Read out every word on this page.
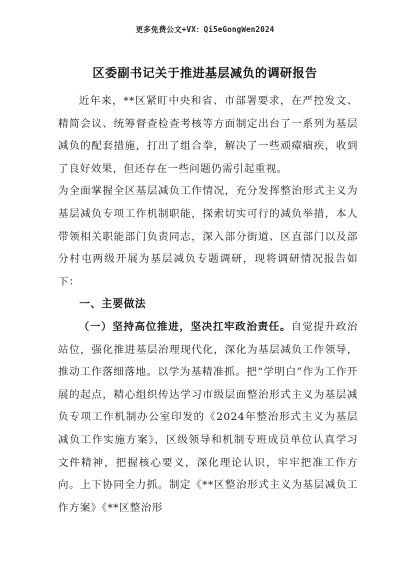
更多免费公文+VX：Qi5eGongWen2024
区委副书记关于推进基层减负的调研报告

近年来，**区紧盯中央和省、市部署要求，在严控发文、精简会议、统筹督查检查考核等方面制定出台了一系列为基层减负的配套措施，打出了组合拳，解决了一些顽瘴痼疾，收到了良好效果，但还存在一些问题仍需引起重视。

为全面掌握全区基层减负工作情况，充分发挥整治形式主义为基层减负专项工作机制职能，探索切实可行的减负举措，本人带领相关职能部门负责同志，深入部分街道、区直部门以及部分村屯两级开展为基层减负专题调研，现将调研情况报告如下：

一、主要做法

（一）坚持高位推进，坚决扛牢政治责任。自觉提升政治站位，强化推进基层治理现代化，深化为基层减负工作领导，推动工作落细落地。以学为基精准抓。把“学明白”作为工作开展的起点，精心组织传达学习市级层面整治形式主义为基层减负专项工作机制办公室印发的《2024年整治形式主义为基层减负工作实施方案》，区级领导和机制专班成员单位认真学习文件精神，把握核心要义，深化理论认识，牢牢把准工作方向。上下协同全力抓。制定《**区整治形式主义为基层减负工作方案》《**区整治形
